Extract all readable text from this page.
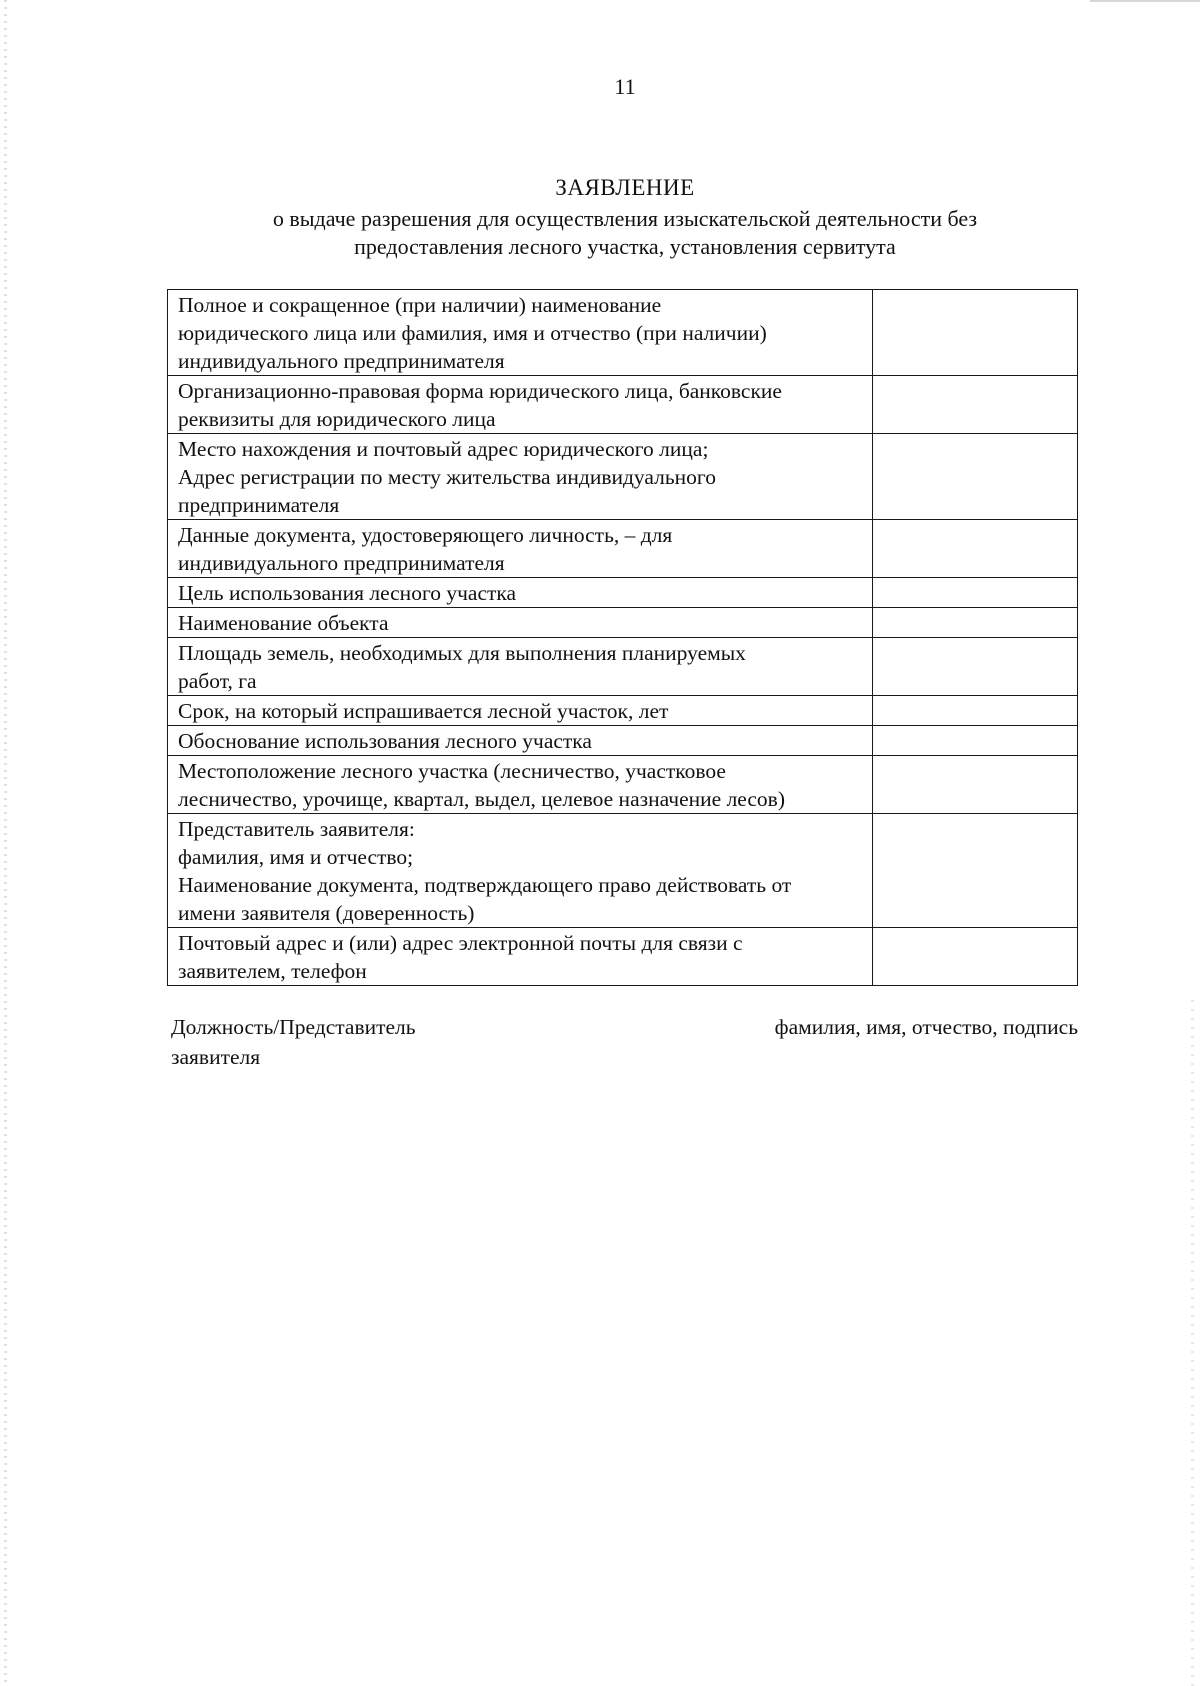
11
ЗАЯВЛЕНИЕ
о выдаче разрешения для осуществления изыскательской деятельности без
предоставления лесного участка, установления сервитута
Полное и сокращенное (при наличии) наименование
юридического лица или фамилия, имя и отчество (при наличии)
индивидуального предпринимателя	

Организационно-правовая форма юридического лица, банковские
реквизиты для юридического лица	

Место нахождения и почтовый адрес юридического лица;
Адрес регистрации по месту жительства индивидуального
предпринимателя	

Данные документа, удостоверяющего личность, – для
индивидуального предпринимателя	

Цель использования лесного участка	

Наименование объекта	

Площадь земель, необходимых для выполнения планируемых
работ, га	

Срок, на который испрашивается лесной участок, лет	

Обоснование использования лесного участка	

Местоположение лесного участка (лесничество, участковое
лесничество, урочище, квартал, выдел, целевое назначение лесов)	

Представитель заявителя:
фамилия, имя и отчество;
Наименование документа, подтверждающего право действовать от
имени заявителя (доверенность)	

Почтовый адрес и (или) адрес электронной почты для связи с
заявителем, телефон	

Должность/Представитель
заявителя
фамилия, имя, отчество, подпись
